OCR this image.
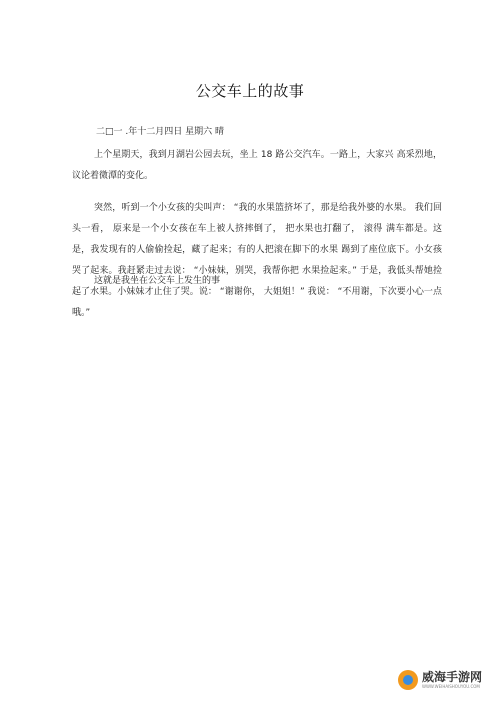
公交车上的故事
二□一 .年十二月四日 星期六 晴
上个星期天，我到月湖岩公园去玩，坐上 18 路公交汽车。一路上，大家兴 高采烈地，议论着微潭的变化。
突然，听到一个小女孩的尖叫声： “我的水果篮挤坏了，那是给我外婆的水果。 我们回头一看， 原来是一个小女孩在车上被人挤摔倒了， 把水果也打翻了， 滚得 满车都是。这是，我发现有的人偷偷捡起，藏了起来；有的人把滚在脚下的水果 踢到了座位底下。小女孩哭了起来。我赶紧走过去说： “小妹妹，别哭，我帮你把 水果捡起来。” 于是，我低头帮她捡起了水果。小妹妹才止住了哭。说： “谢谢你， 大姐姐！” 我说： “不用谢，下次要小心一点哦。”
这就是我坐在公交车上发生的事
威海手游网
WWW.WEIHAISHOUYOU.COM
